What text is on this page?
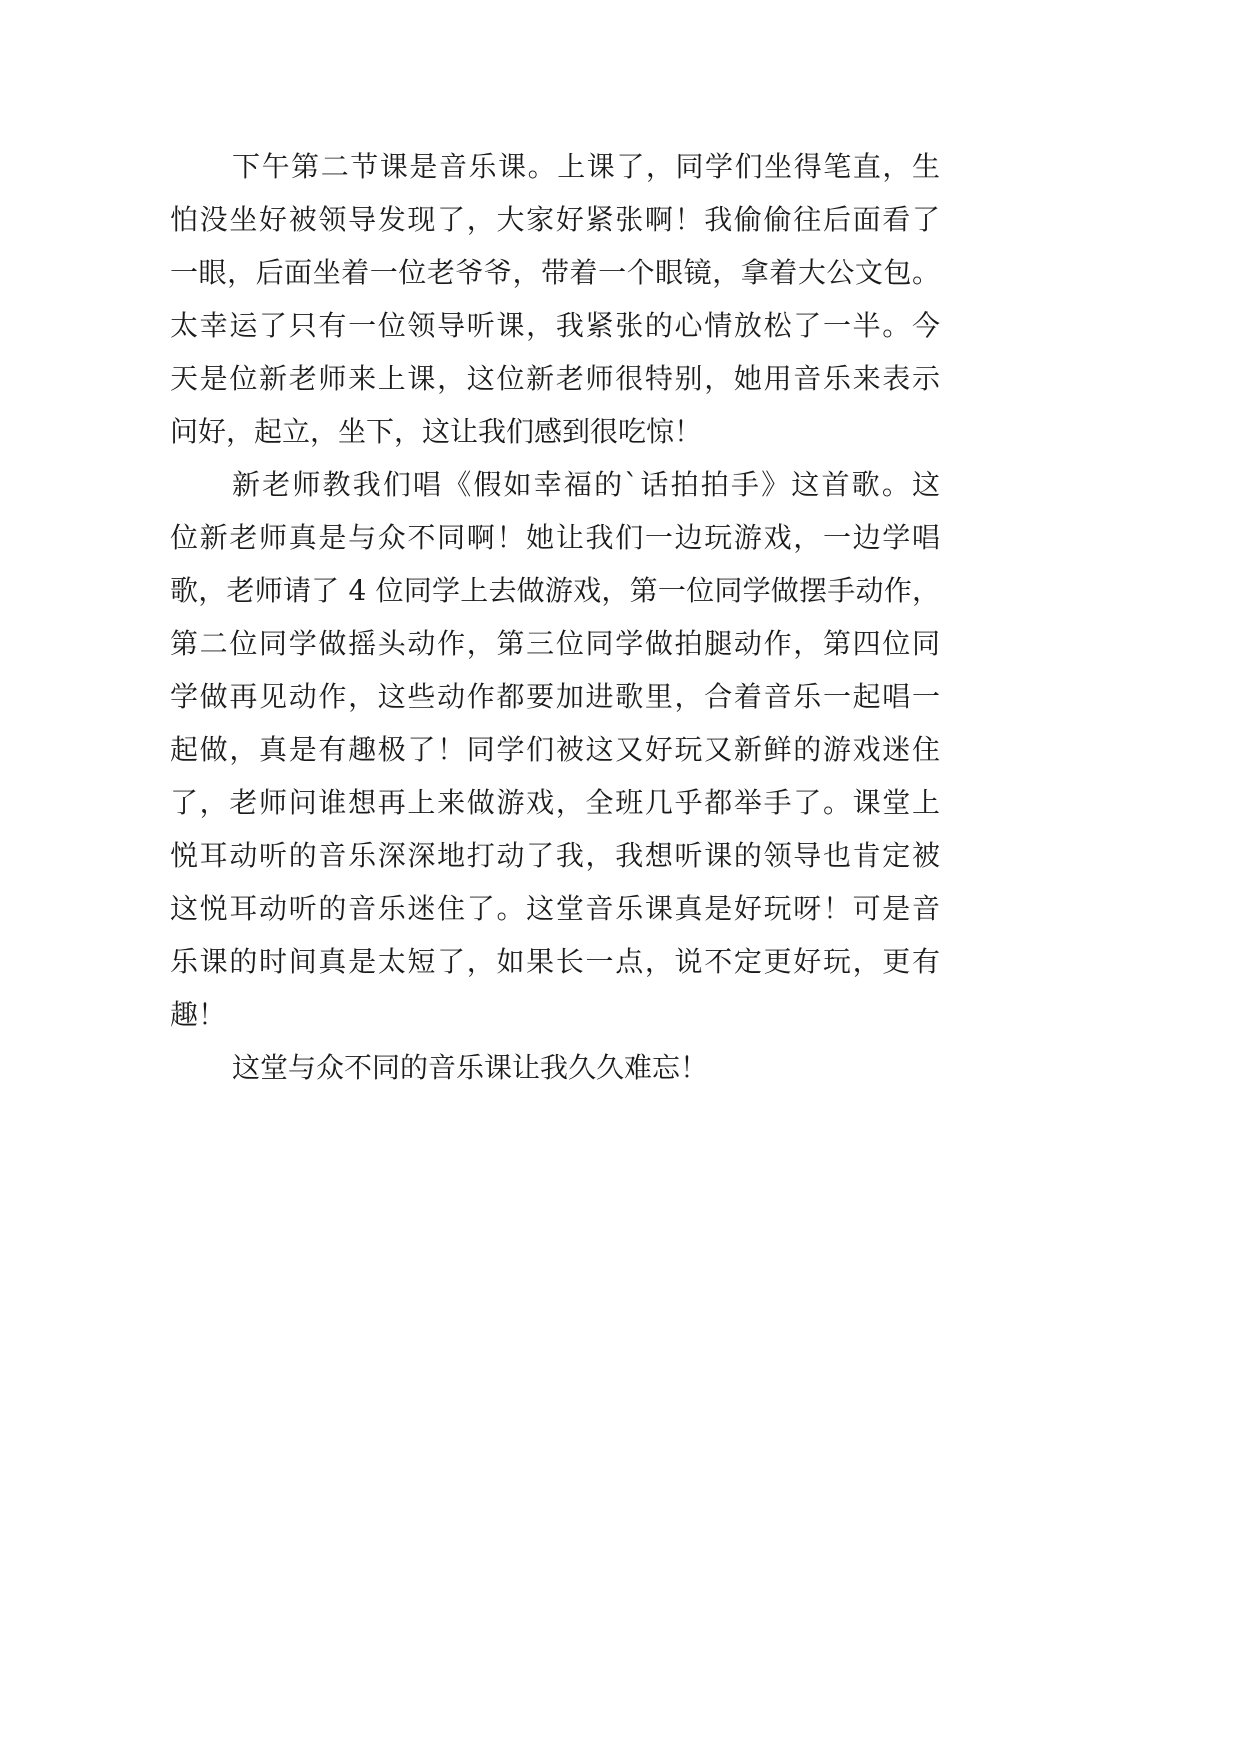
下午第二节课是音乐课。上课了，同学们坐得笔直，生

怕没坐好被领导发现了，大家好紧张啊！我偷偷往后面看了

一眼，后面坐着一位老爷爷，带着一个眼镜，拿着大公文包。

太幸运了只有一位领导听课，我紧张的心情放松了一半。今

天是位新老师来上课，这位新老师很特别，她用音乐来表示

问好，起立，坐下，这让我们感到很吃惊！

新老师教我们唱《假如幸福的`话拍拍手》这首歌。这

位新老师真是与众不同啊！她让我们一边玩游戏，一边学唱

歌，老师请了 4 位同学上去做游戏，第一位同学做摆手动作，

第二位同学做摇头动作，第三位同学做拍腿动作，第四位同

学做再见动作，这些动作都要加进歌里，合着音乐一起唱一

起做，真是有趣极了！同学们被这又好玩又新鲜的游戏迷住

了，老师问谁想再上来做游戏，全班几乎都举手了。课堂上

悦耳动听的音乐深深地打动了我，我想听课的领导也肯定被

这悦耳动听的音乐迷住了。这堂音乐课真是好玩呀！可是音

乐课的时间真是太短了，如果长一点，说不定更好玩，更有

趣！

这堂与众不同的音乐课让我久久难忘！
